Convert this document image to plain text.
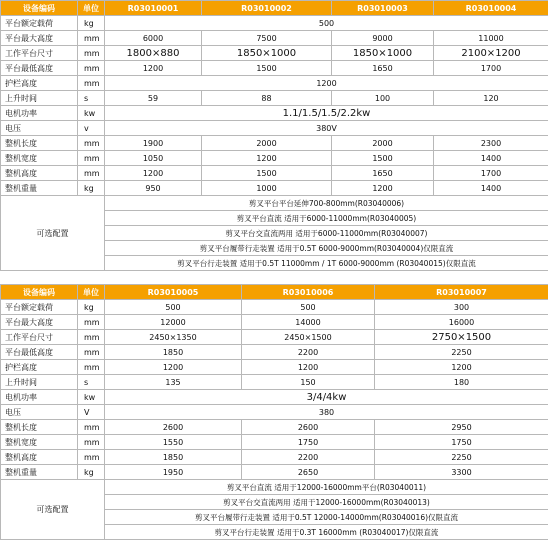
设备编码	单位	R03010001	R03010002	R03010003	R03010004
平台额定载荷	kg	500			
平台最大高度	mm	6000	7500	9000	11000
工作平台尺寸	mm	1800×880	1850×1000	1850×1000	2100×1200
平台最低高度	mm	1200	1500	1650	1700
护栏高度	mm	1200			
上升时间	s	59	88	100	120
电机功率	kw	1.1/1.5/1.5/2.2kw			
电压	v	380V			
整机长度	mm	1900	2000	2000	2300
整机宽度	mm	1050	1200	1500	1400
整机高度	mm	1200	1500	1650	1700
整机重量	kg	950	1000	1200	1400
可选配置		剪叉平台平台延伸700-800mm(R03040006)			
		剪叉平台直流 适用于6000-11000mm(R03040005)			
		剪叉平台交直流两用 适用于6000-11000mm(R03040007)			
		剪叉平台履带行走装置 适用于0.5T 6000-9000mm(R03040004)仅限直流			
		剪叉平台行走装置 适用于0.5T 11000mm / 1T 6000-9000mm (R03040015)仅限直流			
设备编码	单位	R03010005	R03010006	R03010007
平台额定载荷	kg	500	500	300
平台最大高度	mm	12000	14000	16000
工作平台尺寸	mm	2450×1350	2450×1500	2750×1500
平台最低高度	mm	1850	2200	2250
护栏高度	mm	1200	1200	1200
上升时间	s	135	150	180
电机功率	kw	3/4/4kw		
电压	V	380		
整机长度	mm	2600	2600	2950
整机宽度	mm	1550	1750	1750
整机高度	mm	1850	2200	2250
整机重量	kg	1950	2650	3300
可选配置		剪叉平台直流 适用于12000-16000mm平台(R03040011)		
		剪叉平台交直流两用 适用于12000-16000mm(R03040013)		
		剪叉平台履带行走装置 适用于0.5T 12000-14000mm(R03040016)仅限直流		
		剪叉平台行走装置 适用于0.3T 16000mm (R03040017)仅限直流		
